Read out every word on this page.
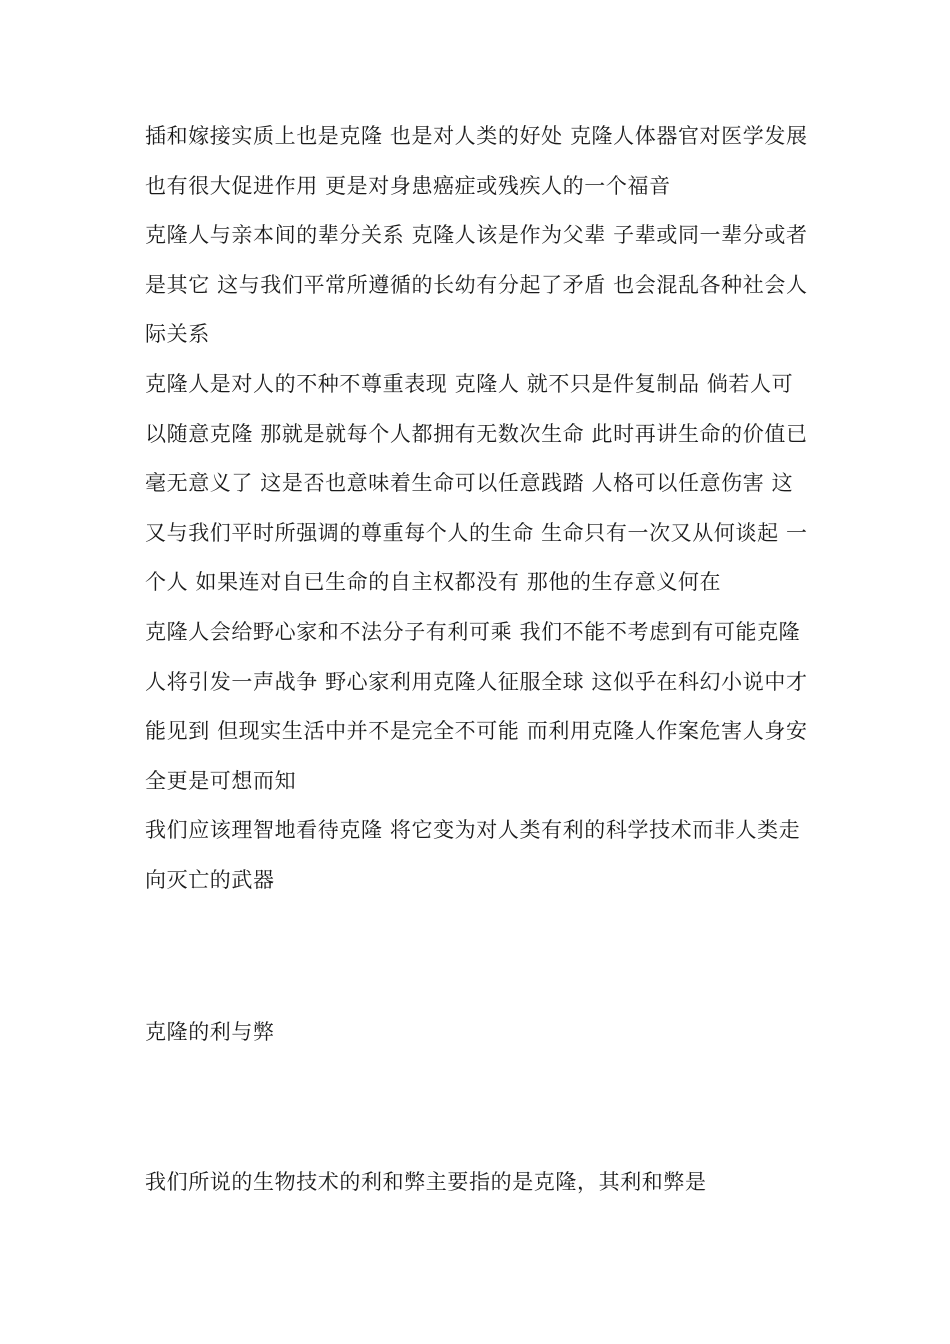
插和嫁接实质上也是克隆 也是对人类的好处 克隆人体器官对医学发展也有很大促进作用 更是对身患癌症或残疾人的一个福音

克隆人与亲本间的辈分关系 克隆人该是作为父辈 子辈或同一辈分或者是其它 这与我们平常所遵循的长幼有分起了矛盾 也会混乱各种社会人际关系

克隆人是对人的不种不尊重表现 克隆人 就不只是件复制品 倘若人可以随意克隆 那就是就每个人都拥有无数次生命 此时再讲生命的价值已毫无意义了 这是否也意味着生命可以任意践踏 人格可以任意伤害 这又与我们平时所强调的尊重每个人的生命 生命只有一次又从何谈起 一个人 如果连对自已生命的自主权都没有 那他的生存意义何在

克隆人会给野心家和不法分子有利可乘 我们不能不考虑到有可能克隆人将引发一声战争 野心家利用克隆人征服全球 这似乎在科幻小说中才能见到 但现实生活中并不是完全不可能 而利用克隆人作案危害人身安全更是可想而知

我们应该理智地看待克隆 将它变为对人类有利的科学技术而非人类走向灭亡的武器

克隆的利与弊

我们所说的生物技术的利和弊主要指的是克隆，其利和弊是
